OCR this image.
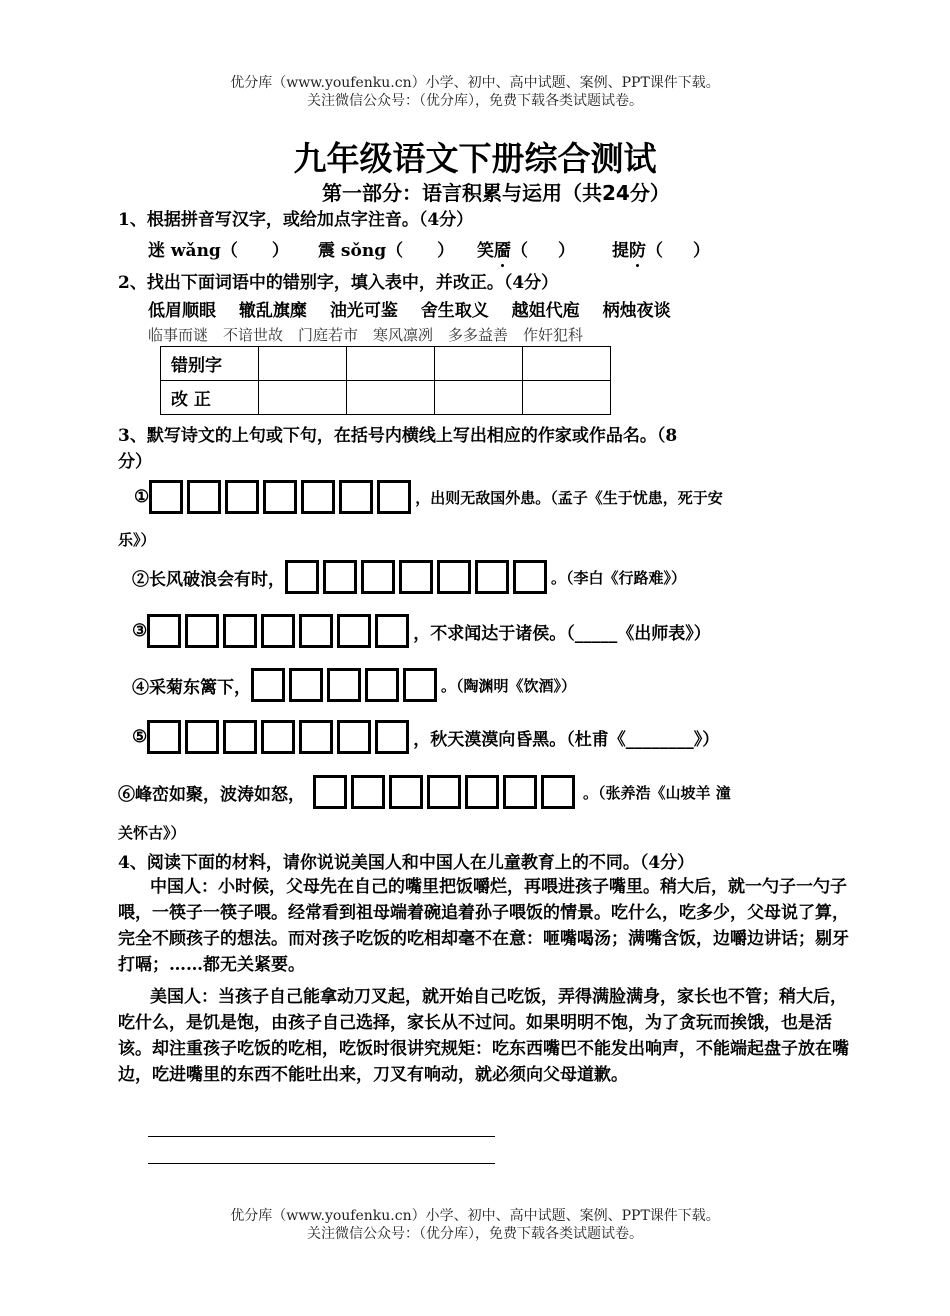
优分库（www.youfenku.cn）小学、初中、高中试题、案例、PPT课件下载。
关注微信公众号：（优分库），免费下载各类试题试卷。
九年级语文下册综合测试
第一部分：语言积累与运用（共24分）
1、根据拼音写汉字，或给加点字注音。（4分）
迷 wǎng（ ） 震 sǒng（ ） 笑靥（ ） 提防（ ）
2、找出下面词语中的错别字，填入表中，并改正。（4分）
低眉顺眼　 辙乱旗糜　 油光可鉴　 舍生取义　 越姐代庖　 柄烛夜谈
临事而谜　不谙世故　门庭若市　寒风凛冽　多多益善　作奸犯科
错别字				
改 正				
3、默写诗文的上句或下句，在括号内横线上写出相应的作家或作品名。（8
分）
①	，出则无敌国外患。（孟子《生于忧患，死于安
乐》）
②长风破浪会有时，	。（李白《行路难》）
③	，不求闻达于诸侯。（_____《出师表》）
④采菊东篱下，	。（陶渊明《饮酒》）
⑤	，秋天漠漠向昏黑。（杜甫《________》）
⑥峰峦如聚，波涛如怒，	。（张养浩《山坡羊 潼
关怀古》）
4、阅读下面的材料，请你说说美国人和中国人在儿童教育上的不同。（4分）
中国人：小时候，父母先在自己的嘴里把饭嚼烂，再喂进孩子嘴里。稍大后，就一勺子一勺子喂，一筷子一筷子喂。经常看到祖母端着碗追着孙子喂饭的情景。吃什么，吃多少，父母说了算，完全不顾孩子的想法。而对孩子吃饭的吃相却毫不在意：咂嘴喝汤；满嘴含饭，边嚼边讲话；剔牙打嗝；……都无关紧要。
美国人：当孩子自己能拿动刀叉起，就开始自己吃饭，弄得满脸满身，家长也不管；稍大后，吃什么，是饥是饱，由孩子自己选择，家长从不过问。如果明明不饱，为了贪玩而挨饿，也是活该。却注重孩子吃饭的吃相，吃饭时很讲究规矩：吃东西嘴巴不能发出响声，不能端起盘子放在嘴边，吃进嘴里的东西不能吐出来，刀叉有响动，就必须向父母道歉。
优分库（www.youfenku.cn）小学、初中、高中试题、案例、PPT课件下载。
关注微信公众号：（优分库），免费下载各类试题试卷。
